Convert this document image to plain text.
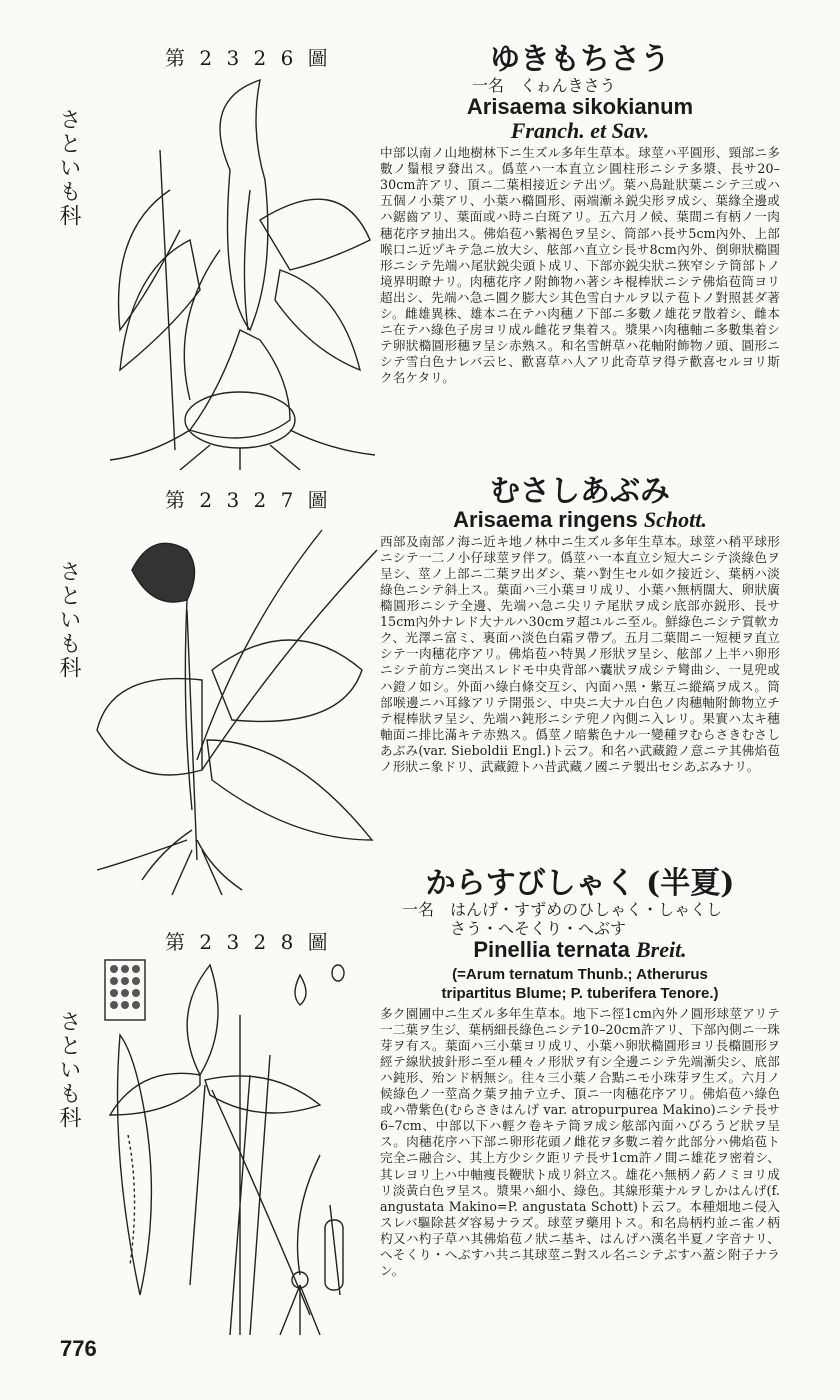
第 2 3 2 6 圖
さといも科
ゆきもちさう
一名　くゎんきさう
Arisaema sikokianum
Franch. et Sav.

中部以南ノ山地樹林下ニ生ズル多年生草本。球莖ハ平圓形、頸部ニ多數ノ鬚根ヲ發出ス。僞莖ハ一本直立シ圓柱形ニシテ多漿、長サ20–30cm許アリ、頂ニ二葉相接近シテ出ヅ。葉ハ鳥趾狀葉ニシテ三或ハ五個ノ小葉アリ、小葉ハ橢圓形、兩端漸ネ鋭尖形ヲ成シ、葉緣全邊或ハ鋸齒アリ、葉面或ハ時ニ白斑アリ。五六月ノ候、葉間ニ有柄ノ一肉穗花序ヲ抽出ス。佛焰苞ハ紫褐色ヲ呈シ、筒部ハ長サ5cm內外、上部喉口ニ近ヅキテ急ニ放大シ、舷部ハ直立シ長サ8cm內外、倒卵狀橢圓形ニシテ先端ハ尾狀鋭尖頭ト成リ、下部亦鋭尖狀ニ狹窄シテ筒部トノ境界明瞭ナリ。肉穗花序ノ附飾物ハ著シキ棍棒狀ニシテ佛焰苞筒ヨリ超出シ、先端ハ急ニ圓ク膨大シ其色雪白ナルヲ以テ苞トノ對照甚ダ著シ。雌雄異株、雄本ニ在テハ肉穗ノ下部ニ多數ノ雄花ヲ散着シ、雌本ニ在テハ綠色子房ヨリ成ル雌花ヲ集着ス。漿果ハ肉穗軸ニ多數集着シテ卵狀橢圓形穗ヲ呈シ赤熟ス。和名雪餠草ハ花軸附飾物ノ頭、圓形ニシテ雪白色ナレバ云ヒ、歡喜草ハ人アリ此奇草ヲ得テ歡喜セルヨリ斯ク名ケタリ。

第 2 3 2 7 圖
さといも科
むさしあぶみ
Arisaema ringens Schott.

西部及南部ノ海ニ近キ地ノ林中ニ生ズル多年生草本。球莖ハ稍平球形ニシテ一二ノ小仔球莖ヲ伴フ。僞莖ハ一本直立シ短大ニシテ淡綠色ヲ呈シ、莖ノ上部ニ二葉ヲ出ダシ、葉ハ對生セル如ク接近シ、葉柄ハ淡綠色ニシテ斜上ス。葉面ハ三小葉ヨリ成リ、小葉ハ無柄闊大、卵狀廣橢圓形ニシテ全邊、先端ハ急ニ尖リテ尾狀ヲ成シ底部亦鋭形、長サ15cm內外ナレド大ナルハ30cmヲ超ユルニ至ル。鮮綠色ニシテ質軟カク、光澤ニ富ミ、裏面ハ淡色白霜ヲ帶ブ。五月二葉間ニ一短梗ヲ直立シテ一肉穗花序アリ。佛焰苞ハ特異ノ形狀ヲ呈シ、舷部ノ上半ハ卵形ニシテ前方ニ突出スレドモ中央背部ハ囊狀ヲ成シテ彎曲シ、一見兜或ハ鐙ノ如シ。外面ハ綠白條交互シ、內面ハ黑・紫互ニ縱縞ヲ成ス。筒部喉邊ニハ耳緣アリテ開張シ、中央ニ大ナル白色ノ肉穗軸附飾物立チテ棍棒狀ヲ呈シ、先端ハ鈍形ニシテ兜ノ內側ニ入レリ。果實ハ太キ穗軸面ニ排比滿キテ赤熟ス。僞莖ノ暗紫色ナル一變種ヲむらさきむさしあぶみ(var. Sieboldii Engl.)ト云フ。和名ハ武藏鐙ノ意ニテ其佛焰苞ノ形狀ニ象ドリ、武藏鐙トハ昔武藏ノ國ニテ製出セシあぶみナリ。

第 2 3 2 8 圖
さといも科
からすびしゃく (半夏)
一名　はんげ・すずめのひしゃく・しゃくし
　　　さう・へそくり・へぶす
Pinellia ternata Breit.
(=Arum ternatum Thunb.; Atherurus
tripartitus Blume; P. tuberifera Tenore.)

多ク園圃中ニ生ズル多年生草本。地下ニ徑1cm內外ノ圓形球莖アリテ一二葉ヲ生ジ、葉柄細長綠色ニシテ10–20cm許アリ、下部內側ニ一珠芽ヲ有ス。葉面ハ三小葉ヨリ成リ、小葉ハ卵狀橢圓形ヨリ長橢圓形ヲ經テ線狀披針形ニ至ル種々ノ形狀ヲ有シ全邊ニシテ先端漸尖シ、底部ハ鈍形、殆ンド柄無シ。往々三小葉ノ合點ニモ小珠芽ヲ生ズ。六月ノ候綠色ノ一莖高ク葉ヲ抽テ立チ、頂ニ一肉穗花序アリ。佛焰苞ハ綠色或ハ帶紫色(むらさきはんげ var. atropurpurea Makino)ニシテ長サ6–7cm、中部以下ハ輕ク卷キテ筒ヲ成シ舷部內面ハびろうど狀ヲ呈ス。肉穗花序ハ下部ニ卵形花頭ノ雌花ヲ多數ニ着ケ此部分ハ佛焰苞ト完全ニ融合シ、其上方少シク距リテ長サ1cm許ノ間ニ雄花ヲ密着シ、其レヨリ上ハ中軸痩長鞭狀ト成リ斜立ス。雄花ハ無柄ノ葯ノミヨリ成リ淡黃白色ヲ呈ス。漿果ハ細小、綠色。其線形葉ナルヲしかはんげ(f. angustata Makino=P. angustata Schott)ト云フ。本種畑地ニ侵入スレバ驅除甚ダ容易ナラズ。球莖ヲ藥用トス。和名烏柄杓並ニ雀ノ柄杓又ハ杓子草ハ其佛焰苞ノ狀ニ基キ、はんげハ漢名半夏ノ字音ナリ、へそくり・へぶすハ共ニ其球莖ニ對スル名ニシテぶすハ蓋シ附子ナラン。

776
